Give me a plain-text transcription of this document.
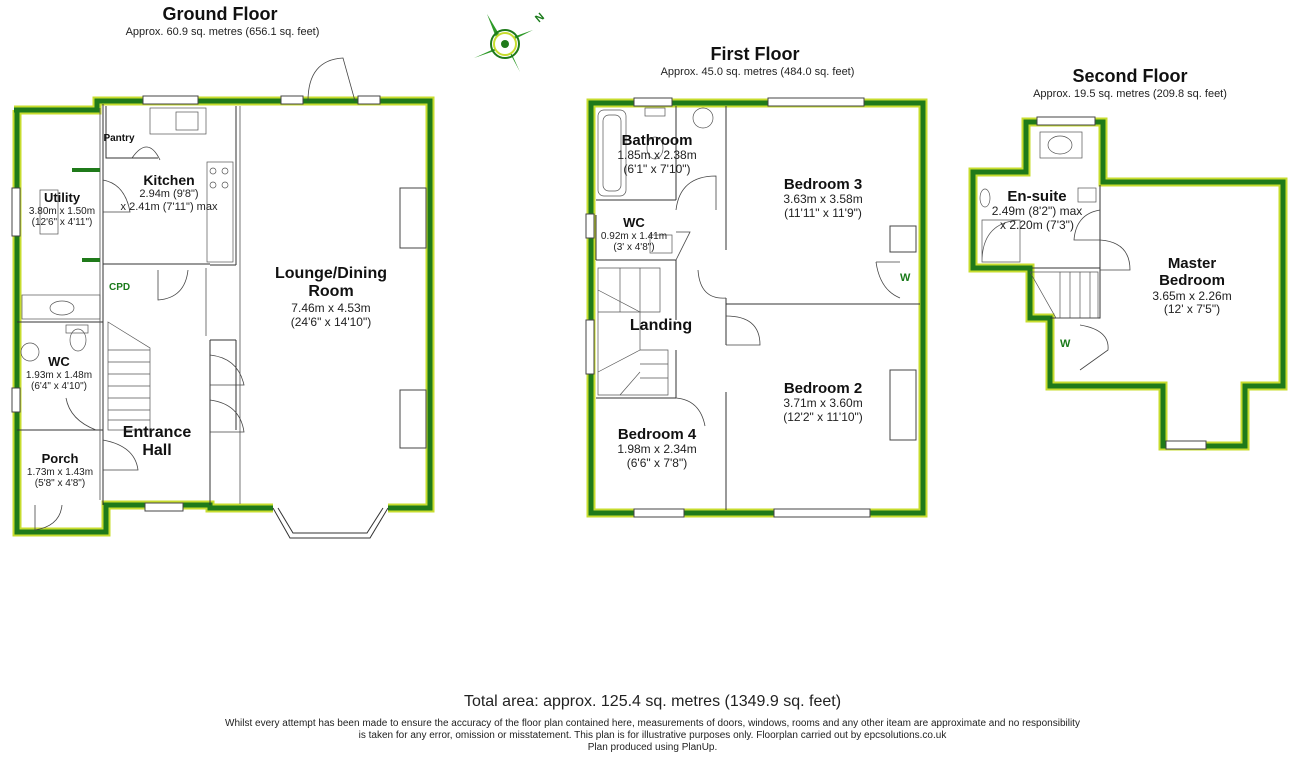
Ground Floor
Approx. 60.9 sq. metres (656.1 sq. feet)
First Floor
Approx. 45.0 sq. metres (484.0 sq. feet)	Second Floor
Approx. 19.5 sq. metres (209.8 sq. feet)
N
Pantry
Kitchen
2.94m (9'8")
x 2.41m (7'11") max
Utility
3.80m x 1.50m
(12'6" x 4'11")
Lounge/Dining
Room
7.46m x 4.53m
(24'6" x 14'10")
CPD
WC
1.93m x 1.48m
(6'4" x 4'10")
Entrance
Hall
Porch
1.73m x 1.43m
(5'8" x 4'8")
Bathroom
1.85m x 2.38m
(6'1" x 7'10")
Bedroom 3
3.63m x 3.58m
(11'11" x 11'9")
WC
0.92m x 1.41m
(3' x 4'8")
W
Landing
Bedroom 2
3.71m x 3.60m
(12'2" x 11'10")
Bedroom 4
1.98m x 2.34m
(6'6" x 7'8")
En-suite
2.49m (8'2") max
x 2.20m (7'3")
Master
Bedroom
3.65m x 2.26m
(12' x 7'5")
W
Total area: approx. 125.4 sq. metres (1349.9 sq. feet)
Whilst every attempt has been made to ensure the accuracy of the floor plan contained here, measurements of doors, windows, rooms and any other iteam are approximate and no responsibility
is taken for any error, omission or misstatement. This plan is for illustrative purposes only. Floorplan carried out by epcsolutions.co.uk
Plan produced using PlanUp.
